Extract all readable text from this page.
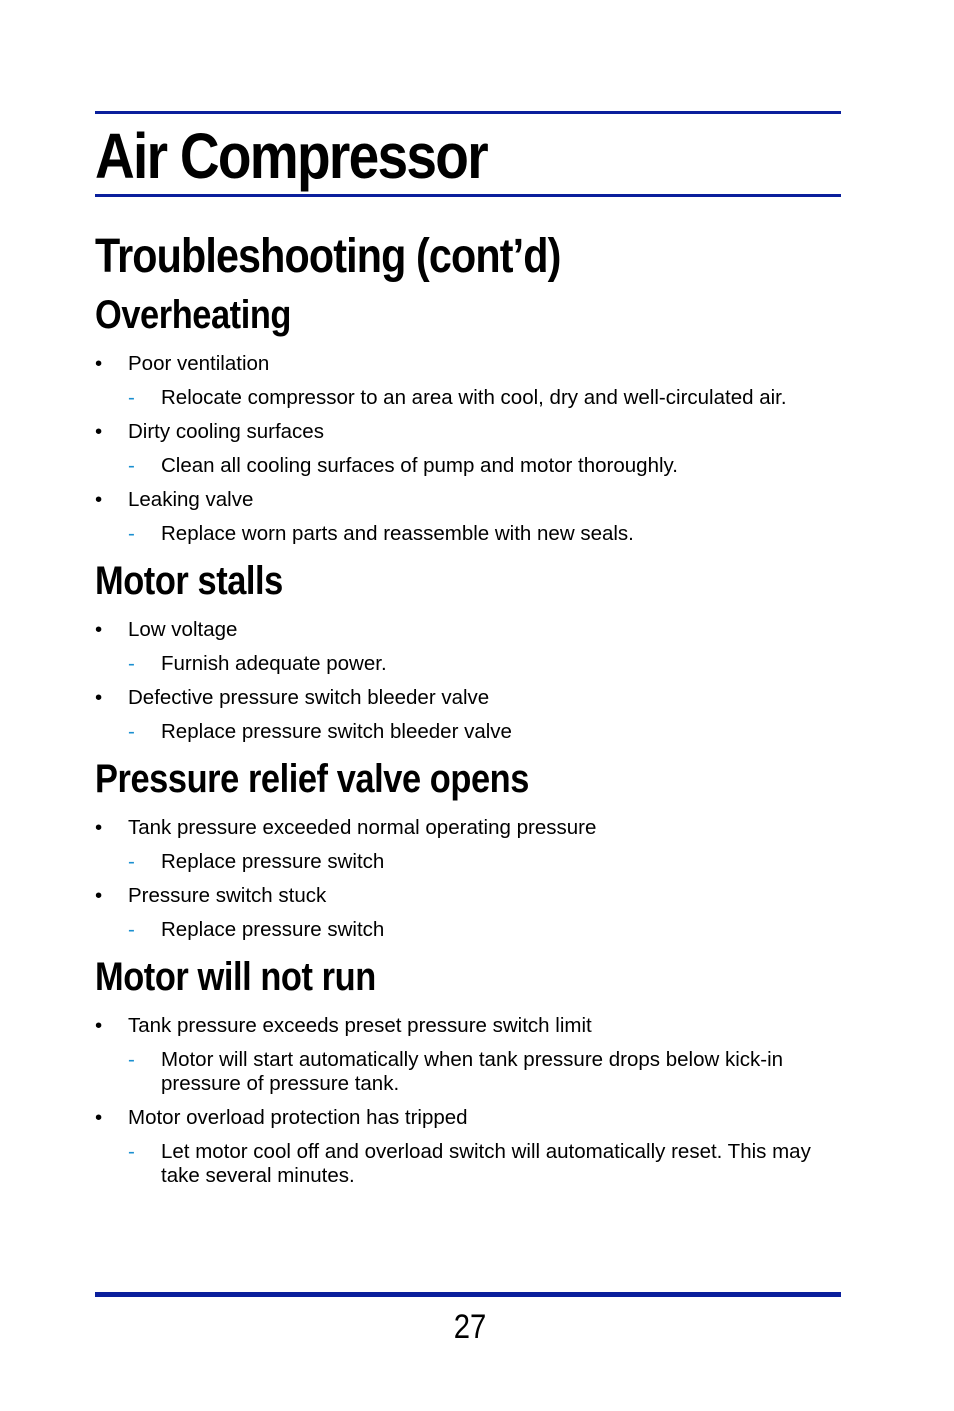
Air Compressor
Troubleshooting (cont’d)
Overheating
• Poor ventilation
- Relocate compressor to an area with cool, dry and well-circulated air.
• Dirty cooling surfaces
- Clean all cooling surfaces of pump and motor thoroughly.
• Leaking valve
- Replace worn parts and reassemble with new seals.
Motor stalls
• Low voltage
- Furnish adequate power.
• Defective pressure switch bleeder valve
- Replace pressure switch bleeder valve
Pressure relief valve opens
• Tank pressure exceeded normal operating pressure
- Replace pressure switch
• Pressure switch stuck
- Replace pressure switch
Motor will not run
• Tank pressure exceeds preset pressure switch limit
- Motor will start automatically when tank pressure drops below kick-in pressure of pressure tank.
• Motor overload protection has tripped
- Let motor cool off and overload switch will automatically reset. This may take several minutes.
27
